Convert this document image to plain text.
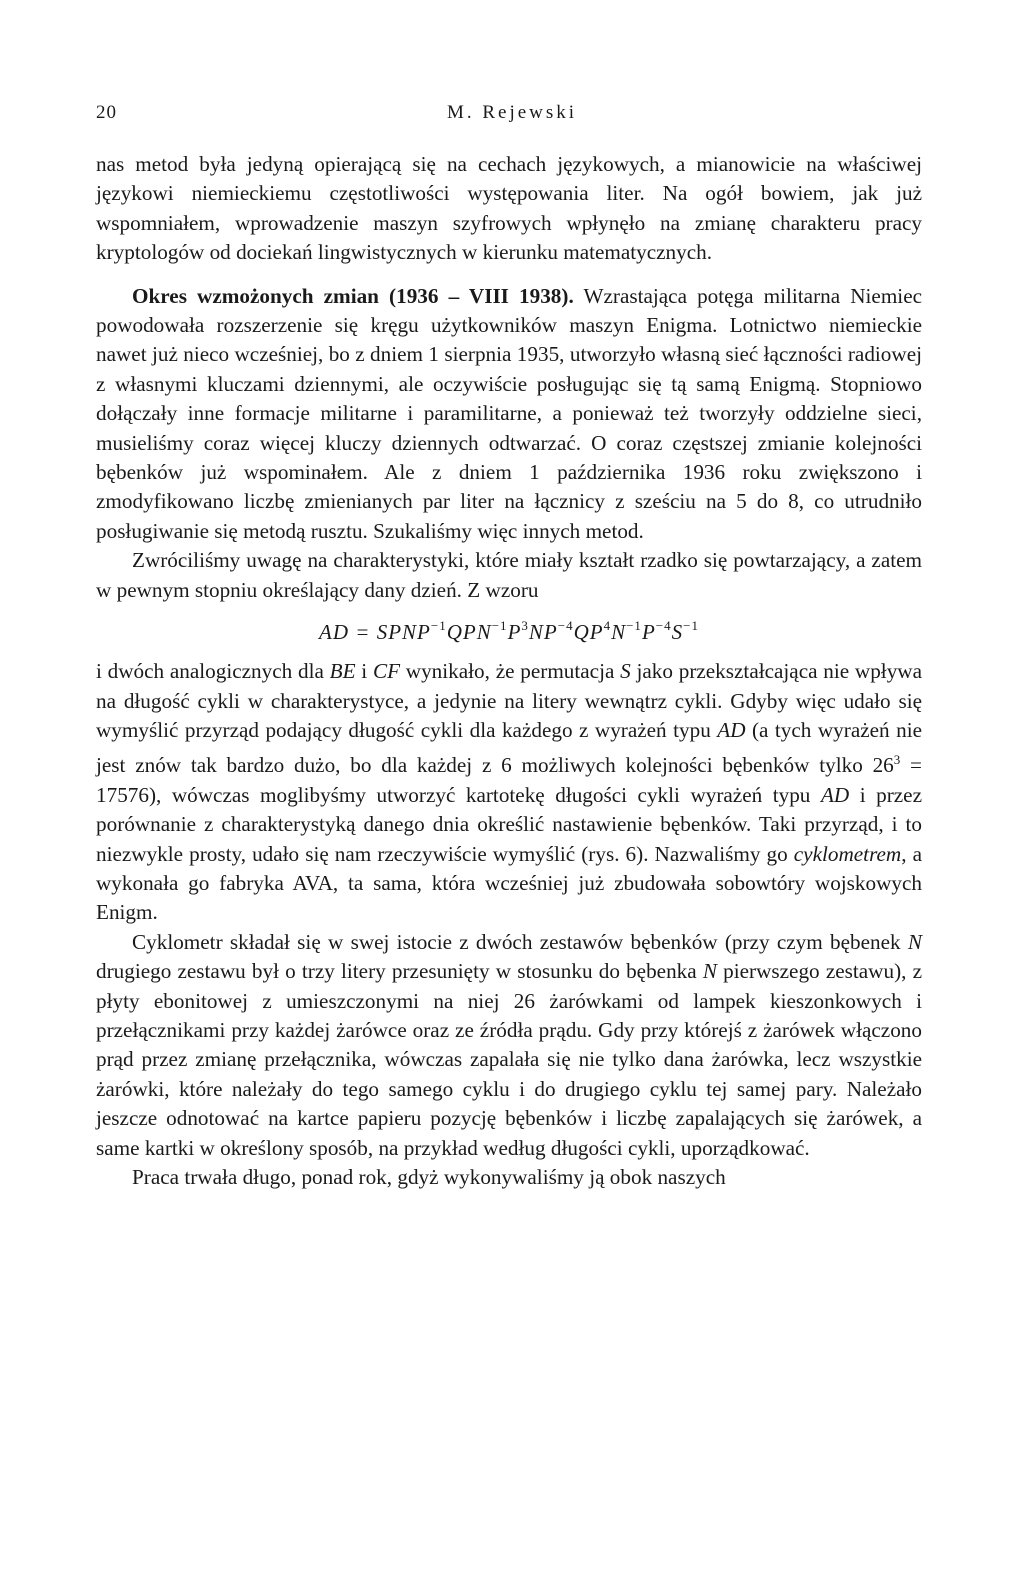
20	M. Rejewski

nas metod była jedyną opierającą się na cechach językowych, a mianowicie na właściwej językowi niemieckiemu częstotliwości występowania liter. Na ogół bowiem, jak już wspomniałem, wprowadzenie maszyn szyfrowych wpłynęło na zmianę charakteru pracy kryptologów od dociekań lingwistycznych w kierunku matematycznych.

Okres wzmożonych zmian (1936 – VIII 1938). Wzrastająca potęga militarna Niemiec powodowała rozszerzenie się kręgu użytkowników maszyn Enigma. Lotnictwo niemieckie nawet już nieco wcześniej, bo z dniem 1 sierpnia 1935, utworzyło własną sieć łączności radiowej z własnymi kluczami dziennymi, ale oczywiście posługując się tą samą Enigmą. Stopniowo dołączały inne formacje militarne i paramilitarne, a ponieważ też tworzyły oddzielne sieci, musieliśmy coraz więcej kluczy dziennych odtwarzać. O coraz częstszej zmianie kolejności bębenków już wspominałem. Ale z dniem 1 października 1936 roku zwiększono i zmodyfikowano liczbę zmienianych par liter na łącznicy z sześciu na 5 do 8, co utrudniło posługiwanie się metodą rusztu. Szukaliśmy więc innych metod.

Zwróciliśmy uwagę na charakterystyki, które miały kształt rzadko się powtarzający, a zatem w pewnym stopniu określający dany dzień. Z wzoru

AD = $SPNP^{-1}QPN^{-1}P^3NP^{-4}QP^4N^{-1}P^{-4}S^{-1}$

i dwóch analogicznych dla BE i CF wynikało, że permutacja S jako przekształcająca nie wpływa na długość cykli w charakterystyce, a jedynie na litery wewnątrz cykli. Gdyby więc udało się wymyślić przyrząd podający długość cykli dla każdego z wyrażeń typu AD (a tych wyrażeń nie jest znów tak bardzo dużo, bo dla każdej z 6 możliwych kolejności bębenków tylko $26^3 = 17576$), wówczas moglibyśmy utworzyć kartotekę długości cykli wyrażeń typu AD i przez porównanie z charakterystyką danego dnia określić nastawienie bębenków. Taki przyrząd, i to niezwykle prosty, udało się nam rzeczywiście wymyślić (rys. 6). Nazwaliśmy go cyklometrem, a wykonała go fabryka AVA, ta sama, która wcześniej już zbudowała sobowtóry wojskowych Enigm.

Cyklometr składał się w swej istocie z dwóch zestawów bębenków (przy czym bębenek N drugiego zestawu był o trzy litery przesunięty w stosunku do bębenka N pierwszego zestawu), z płyty ebonitowej z umieszczonymi na niej 26 żarówkami od lampek kieszonkowych i przełącznikami przy każdej żarówce oraz ze źródła prądu. Gdy przy którejś z żarówek włączono prąd przez zmianę przełącznika, wówczas zapalała się nie tylko dana żarówka, lecz wszystkie żarówki, które należały do tego samego cyklu i do drugiego cyklu tej samej pary. Należało jeszcze odnotować na kartce papieru pozycję bębenków i liczbę zapalających się żarówek, a same kartki w określony sposób, na przykład według długości cykli, uporządkować.

Praca trwała długo, ponad rok, gdyż wykonywaliśmy ją obok naszych
